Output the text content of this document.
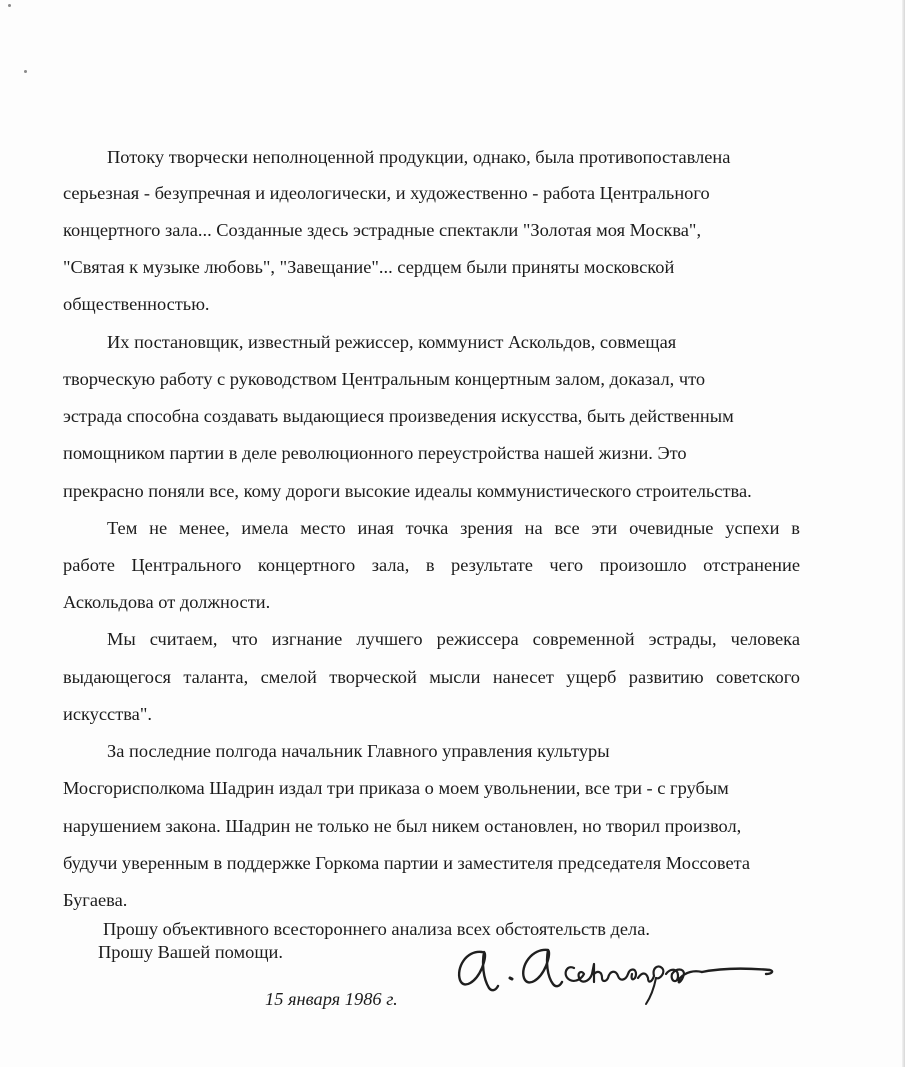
Потоку творчески неполноценной продукции, однако, была противопоставлена

серьезная - безупречная и идеологически, и художественно - работа Центрального

концертного зала... Созданные здесь эстрадные спектакли "Золотая моя Москва",

"Святая к музыке любовь", "Завещание"... сердцем были приняты московской

общественностью.

Их постановщик, известный режиссер, коммунист Аскольдов, совмещая

творческую работу с руководством Центральным концертным залом, доказал, что

эстрада способна создавать выдающиеся произведения искусства, быть действенным

помощником партии в деле революционного переустройства нашей жизни. Это

прекрасно поняли все, кому дороги высокие идеалы коммунистического строительства.

Тем не менее, имела место иная точка зрения на все эти очевидные успехи в

работе Центрального концертного зала, в результате чего произошло отстранение

Аскольдова от должности.

Мы считаем, что изгнание лучшего режиссера современной эстрады, человека

выдающегося таланта, смелой творческой мысли нанесет ущерб развитию советского

искусства".

За последние полгода начальник Главного управления культуры

Мосгорисполкома Шадрин издал три приказа о моем увольнении, все три - с грубым

нарушением закона. Шадрин не только не был никем остановлен, но творил произвол,

будучи уверенным в поддержке Горкома партии и заместителя председателя Моссовета

Бугаева.

Прошу объективного всестороннего анализа всех обстоятельств дела.

Прошу Вашей помощи.

15 января 1986 г.
